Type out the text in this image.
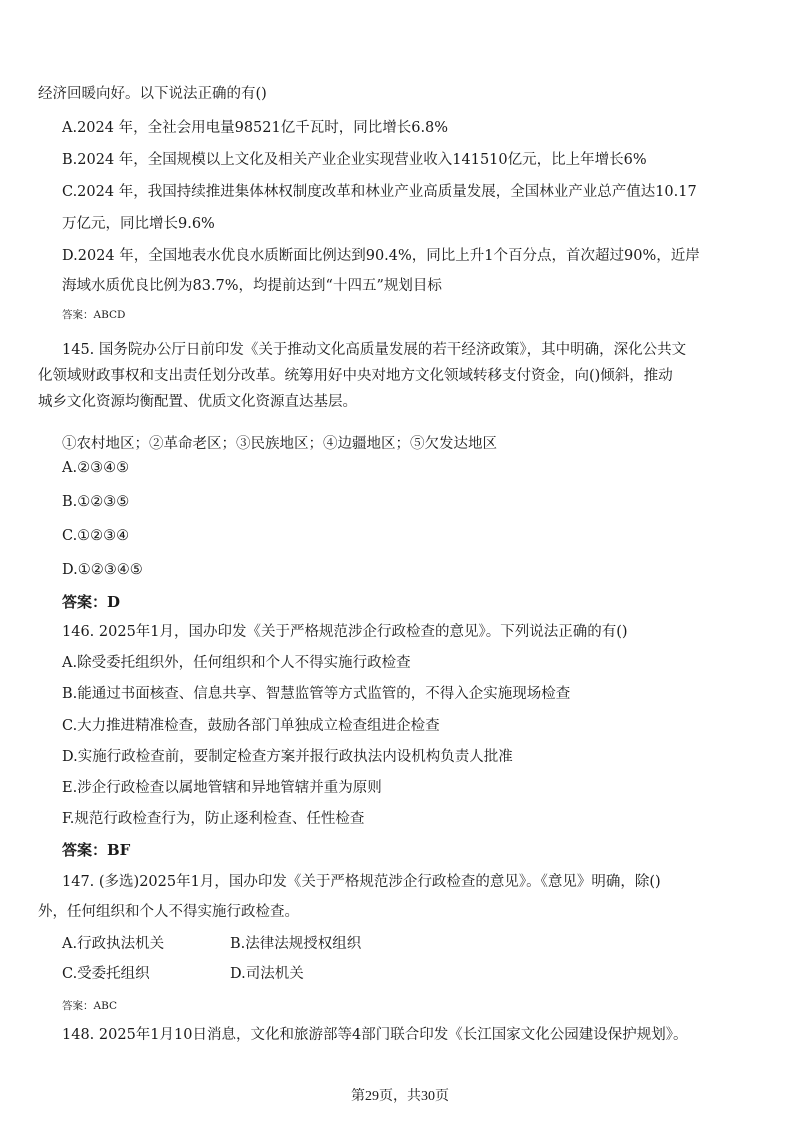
经济回暖向好。以下说法正确的有()
A.2024 年，全社会用电量98521亿千瓦时，同比增长6.8%
B.2024 年，全国规模以上文化及相关产业企业实现营业收入141510亿元，比上年增长6%
C.2024 年，我国持续推进集体林权制度改革和林业产业高质量发展，全国林业产业总产值达10.17
万亿元，同比增长9.6%
D.2024 年，全国地表水优良水质断面比例达到90.4%，同比上升1个百分点，首次超过90%，近岸
海域水质优良比例为83.7%，均提前达到“十四五”规划目标
答案：ABCD
145. 国务院办公厅日前印发《关于推动文化高质量发展的若干经济政策》，其中明确，深化公共文
化领域财政事权和支出责任划分改革。统筹用好中央对地方文化领域转移支付资金，向()倾斜，推动
城乡文化资源均衡配置、优质文化资源直达基层。
①农村地区；②革命老区；③民族地区；④边疆地区；⑤欠发达地区
A.②③④⑤
B.①②③⑤
C.①②③④
D.①②③④⑤
答案：D
146. 2025年1月，国办印发《关于严格规范涉企行政检查的意见》。下列说法正确的有()
A.除受委托组织外，任何组织和个人不得实施行政检查
B.能通过书面核查、信息共享、智慧监管等方式监管的，不得入企实施现场检查
C.大力推进精准检查，鼓励各部门单独成立检查组进企检查
D.实施行政检查前，要制定检查方案并报行政执法内设机构负责人批准
E.涉企行政检查以属地管辖和异地管辖并重为原则
F.规范行政检查行为，防止逐利检查、任性检查
答案：BF
147. (多选)2025年1月，国办印发《关于严格规范涉企行政检查的意见》。《意见》明确，除()
外，任何组织和个人不得实施行政检查。
A.行政执法机关	B.法律法规授权组织
C.受委托组织	D.司法机关
答案：ABC
148. 2025年1月10日消息，文化和旅游部等4部门联合印发《长江国家文化公园建设保护规划》。
第29页，共30页
